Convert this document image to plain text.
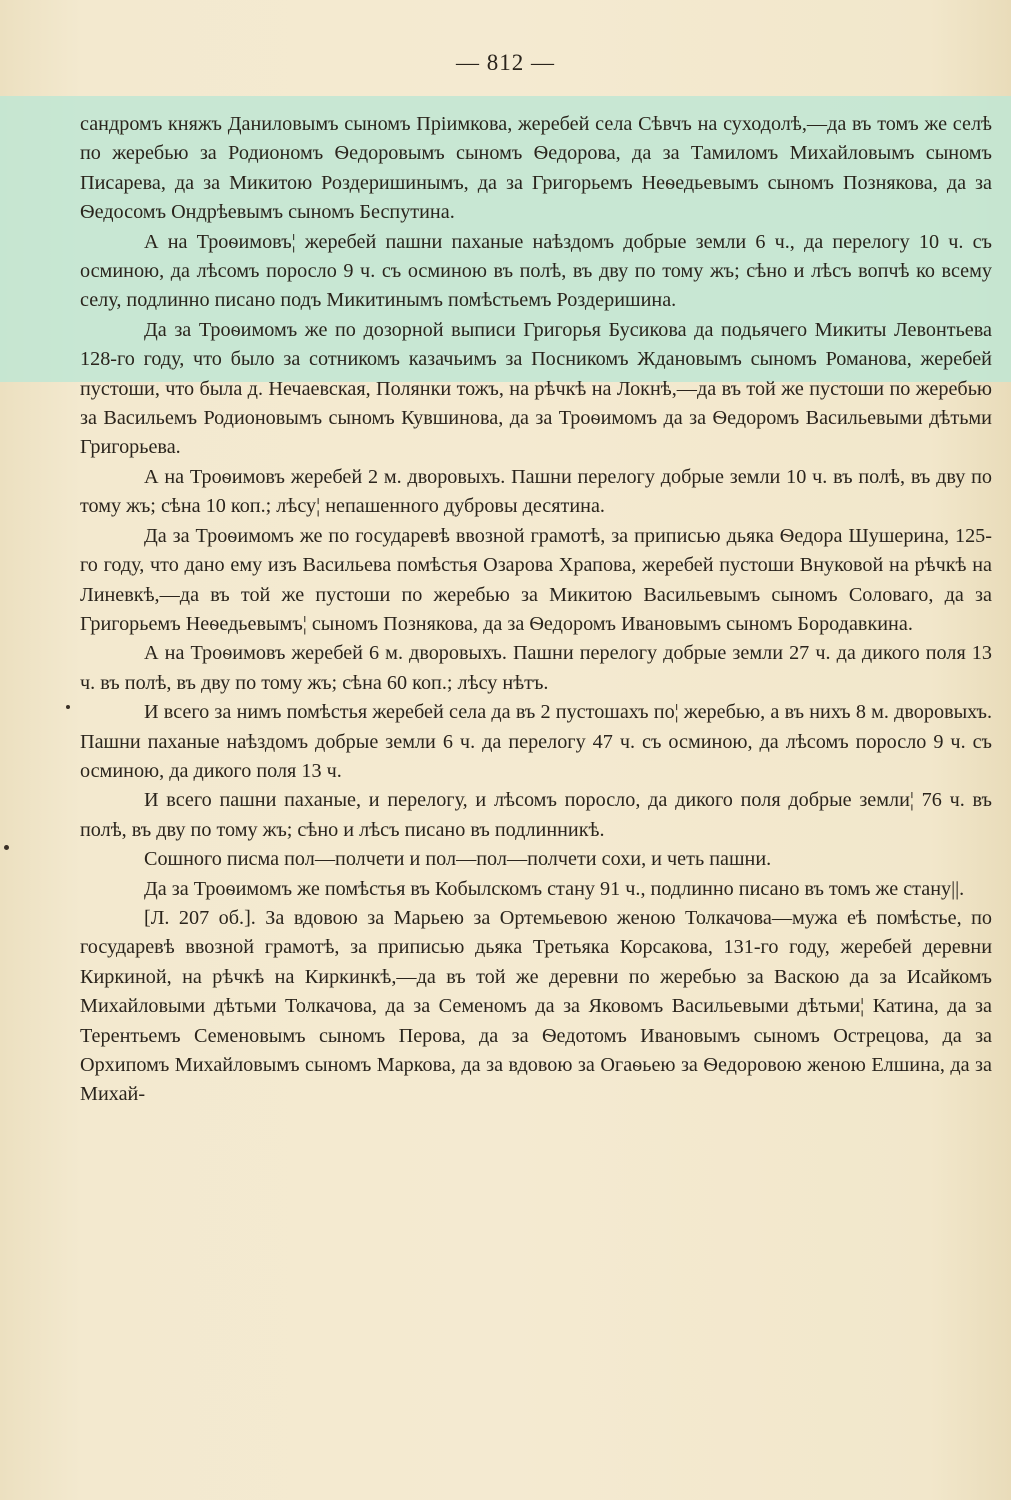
— 812 —

сандромъ княжъ Даниловымъ сыномъ Пріимкова, жеребей села Сѣвчъ на суходолѣ,—да въ томъ же селѣ по жеребью за Родиономъ Ѳедоровымъ сыномъ Ѳедорова, да за Тамиломъ Михайловымъ сыномъ Писарева, да за Микитою Роздеришинымъ, да за Григорьемъ Неѳедьевымъ сыномъ Познякова, да за Ѳедосомъ Ондрѣевымъ сыномъ Беспутина.

А на Троѳимовъ¦ жеребей пашни паханые наѣздомъ добрые земли 6 ч., да перелогу 10 ч. съ осминою, да лѣсомъ поросло 9 ч. съ осминою въ полѣ, въ дву по тому жъ; сѣно и лѣсъ вопчѣ ко всему селу, подлинно писано подъ Микитинымъ помѣстьемъ Роздеришина.

Да за Троѳимомъ же по дозорной выписи Григорья Бусикова да подьячего Микиты Левонтьева 128-го году, что было за сотникомъ казачьимъ за Посникомъ Ждановымъ сыномъ Романова, жеребей пустоши, что была д. Нечаевская, Полянки тожъ, на рѣчкѣ на Локнѣ,—да въ той же пустоши по жеребью за Васильемъ Родионовымъ сыномъ Кувшинова, да за Троѳимомъ да за Ѳедоромъ Васильевыми дѣтьми Григорьева.

А на Троѳимовъ жеребей 2 м. дворовыхъ. Пашни перелогу добрые земли 10 ч. въ полѣ, въ дву по тому жъ; сѣна 10 коп.; лѣсу¦ непашенного дубровы десятина.

Да за Троѳимомъ же по государевѣ ввозной грамотѣ, за приписью дьяка Ѳедора Шушерина, 125-го году, что дано ему изъ Васильева помѣстья Озарова Храпова, жеребей пустоши Внуковой на рѣчкѣ на Линевкѣ,—да въ той же пустоши по жеребью за Микитою Васильевымъ сыномъ Соловаго, да за Григорьемъ Неѳедьевымъ¦ сыномъ Познякова, да за Ѳедоромъ Ивановымъ сыномъ Бородавкина.

А на Троѳимовъ жеребей 6 м. дворовыхъ. Пашни перелогу добрые земли 27 ч. да дикого поля 13 ч. въ полѣ, въ дву по тому жъ; сѣна 60 коп.; лѣсу нѣтъ.

И всего за нимъ помѣстья жеребей села да въ 2 пустошахъ по¦ жеребью, а въ нихъ 8 м. дворовыхъ. Пашни паханые наѣздомъ добрые земли 6 ч. да перелогу 47 ч. съ осминою, да лѣсомъ поросло 9 ч. съ осминою, да дикого поля 13 ч.

И всего пашни паханые, и перелогу, и лѣсомъ поросло, да дикого поля добрые земли¦ 76 ч. въ полѣ, въ дву по тому жъ; сѣно и лѣсъ писано въ подлинникѣ.

Сошного писма пол—полчети и пол—пол—полчети сохи, и четь пашни.

Да за Троѳимомъ же помѣстья въ Кобылскомъ стану 91 ч., подлинно писано въ томъ же стану||.

[Л. 207 об.]. За вдовою за Марьею за Ортемьевою женою Толкачова—мужа еѣ помѣстье, по государевѣ ввозной грамотѣ, за приписью дьяка Третьяка Корсакова, 131-го году, жеребей деревни Киркиной, на рѣчкѣ на Киркинкѣ,—да въ той же деревни по жеребью за Васкою да за Исайкомъ Михайловыми дѣтьми Толкачова, да за Семеномъ да за Яковомъ Васильевыми дѣтьми¦ Катина, да за Терентьемъ Семеновымъ сыномъ Перова, да за Ѳедотомъ Ивановымъ сыномъ Острецова, да за Орхипомъ Михайловымъ сыномъ Маркова, да за вдовою за Огаѳьею за Ѳедоровою женою Елшина, да за Михай-
